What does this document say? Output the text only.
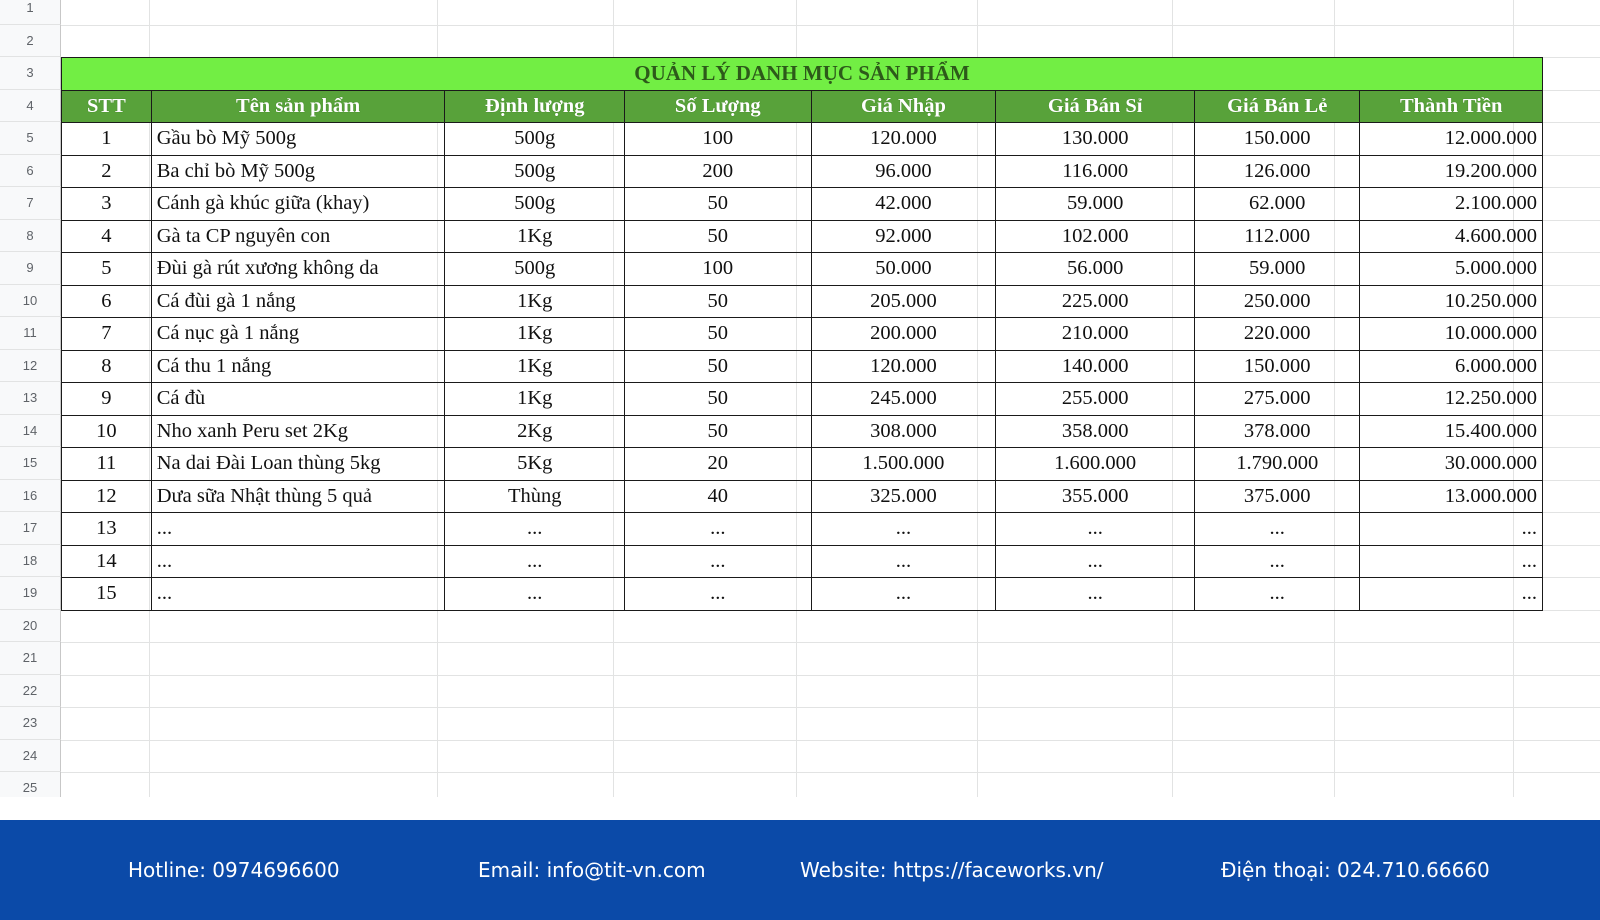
1
2
3
4
5
6
7
8
9
10
11
12
13
14
15
16
17
18
19
20
21
22
23
24
25
QUẢN LÝ DANH MỤC SẢN PHẨM							
STT	Tên sản phẩm	Định lượng	Số Lượng	Giá Nhập	Giá Bán Sỉ	Giá Bán Lẻ	Thành Tiền
1	Gầu bò Mỹ 500g	500g	100	120.000	130.000	150.000	12.000.000
2	Ba chỉ bò Mỹ 500g	500g	200	96.000	116.000	126.000	19.200.000
3	Cánh gà khúc giữa (khay)	500g	50	42.000	59.000	62.000	2.100.000
4	Gà ta CP nguyên con	1Kg	50	92.000	102.000	112.000	4.600.000
5	Đùi gà rút xương không da	500g	100	50.000	56.000	59.000	5.000.000
6	Cá đùi gà 1 nắng	1Kg	50	205.000	225.000	250.000	10.250.000
7	Cá nục gà 1 nắng	1Kg	50	200.000	210.000	220.000	10.000.000
8	Cá thu 1 nắng	1Kg	50	120.000	140.000	150.000	6.000.000
9	Cá đù	1Kg	50	245.000	255.000	275.000	12.250.000
10	Nho xanh Peru set 2Kg	2Kg	50	308.000	358.000	378.000	15.400.000
11	Na dai Đài Loan thùng 5kg	5Kg	20	1.500.000	1.600.000	1.790.000	30.000.000
12	Dưa sữa Nhật thùng 5 quả	Thùng	40	325.000	355.000	375.000	13.000.000
13	...	...	...	...	...	...	...
14	...	...	...	...	...	...	...
15	...	...	...	...	...	...	...
Hotline: 0974696600	Email: info@tit-vn.com	Website: https://faceworks.vn/	Điện thoại: 024.710.66660
